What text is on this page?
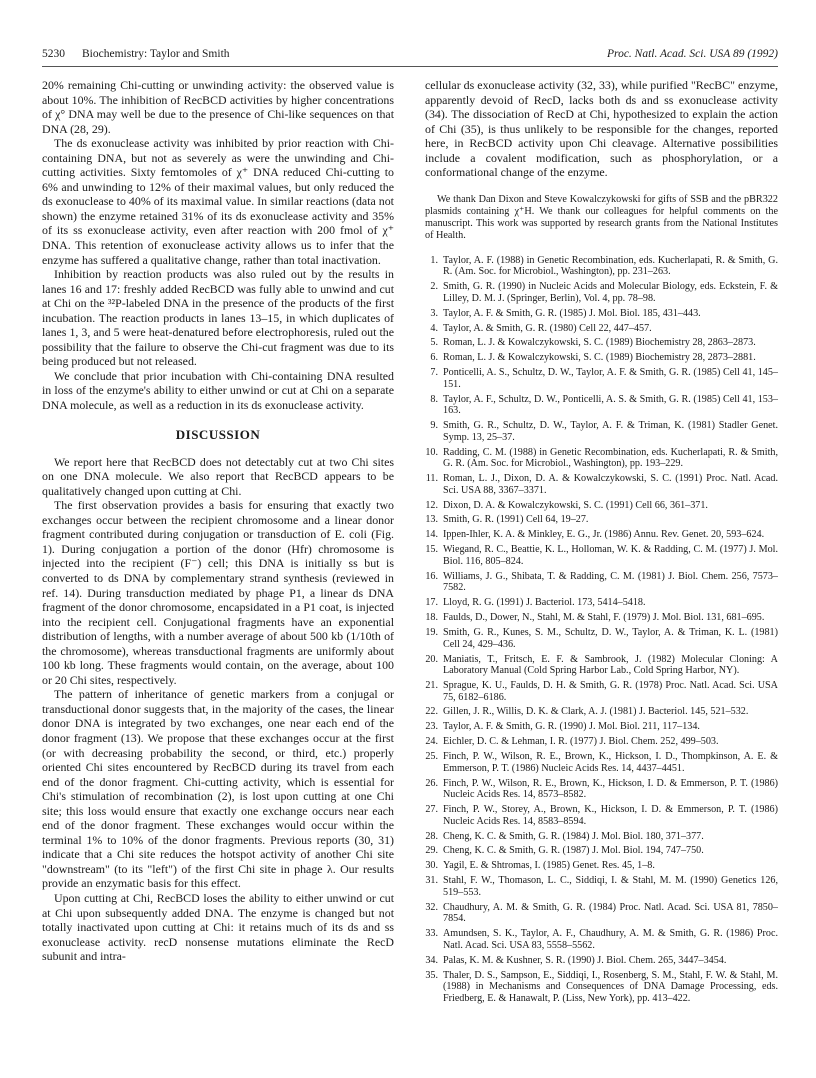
5230 Biochemistry: Taylor and Smith	Proc. Natl. Acad. Sci. USA 89 (1992)

20% remaining Chi-cutting or unwinding activity: the observed value is about 10%. The inhibition of RecBCD activities by higher concentrations of χ° DNA may well be due to the presence of Chi-like sequences on that DNA (28, 29).

The ds exonuclease activity was inhibited by prior reaction with Chi-containing DNA, but not as severely as were the unwinding and Chi-cutting activities. Sixty femtomoles of χ⁺ DNA reduced Chi-cutting to 6% and unwinding to 12% of their maximal values, but only reduced the ds exonuclease to 40% of its maximal value. In similar reactions (data not shown) the enzyme retained 31% of its ds exonuclease activity and 35% of its ss exonuclease activity, even after reaction with 200 fmol of χ⁺ DNA. This retention of exonuclease activity allows us to infer that the enzyme has suffered a qualitative change, rather than total inactivation.

Inhibition by reaction products was also ruled out by the results in lanes 16 and 17: freshly added RecBCD was fully able to unwind and cut at Chi on the ³²P-labeled DNA in the presence of the products of the first incubation. The reaction products in lanes 13–15, in which duplicates of lanes 1, 3, and 5 were heat-denatured before electrophoresis, ruled out the possibility that the failure to observe the Chi-cut fragment was due to its being produced but not released.

We conclude that prior incubation with Chi-containing DNA resulted in loss of the enzyme's ability to either unwind or cut at Chi on a separate DNA molecule, as well as a reduction in its ds exonuclease activity.

DISCUSSION

We report here that RecBCD does not detectably cut at two Chi sites on one DNA molecule. We also report that RecBCD appears to be qualitatively changed upon cutting at Chi.

The first observation provides a basis for ensuring that exactly two exchanges occur between the recipient chromosome and a linear donor fragment contributed during conjugation or transduction of E. coli (Fig. 1). During conjugation a portion of the donor (Hfr) chromosome is injected into the recipient (F⁻) cell; this DNA is initially ss but is converted to ds DNA by complementary strand synthesis (reviewed in ref. 14). During transduction mediated by phage P1, a linear ds DNA fragment of the donor chromosome, encapsidated in a P1 coat, is injected into the recipient cell. Conjugational fragments have an exponential distribution of lengths, with a number average of about 500 kb (1/10th of the chromosome), whereas transductional fragments are uniformly about 100 kb long. These fragments would contain, on the average, about 100 or 20 Chi sites, respectively.

The pattern of inheritance of genetic markers from a conjugal or transductional donor suggests that, in the majority of the cases, the linear donor DNA is integrated by two exchanges, one near each end of the donor fragment (13). We propose that these exchanges occur at the first (or with decreasing probability the second, or third, etc.) properly oriented Chi sites encountered by RecBCD during its travel from each end of the donor fragment. Chi-cutting activity, which is essential for Chi's stimulation of recombination (2), is lost upon cutting at one Chi site; this loss would ensure that exactly one exchange occurs near each end of the donor fragment. These exchanges would occur within the terminal 1% to 10% of the donor fragments. Previous reports (30, 31) indicate that a Chi site reduces the hotspot activity of another Chi site "downstream" (to its "left") of the first Chi site in phage λ. Our results provide an enzymatic basis for this effect.

Upon cutting at Chi, RecBCD loses the ability to either unwind or cut at Chi upon subsequently added DNA. The enzyme is changed but not totally inactivated upon cutting at Chi: it retains much of its ds and ss exonuclease activity. recD nonsense mutations eliminate the RecD subunit and intra-

cellular ds exonuclease activity (32, 33), while purified "RecBC" enzyme, apparently devoid of RecD, lacks both ds and ss exonuclease activity (34). The dissociation of RecD at Chi, hypothesized to explain the action of Chi (35), is thus unlikely to be responsible for the changes, reported here, in RecBCD activity upon Chi cleavage. Alternative possibilities include a covalent modification, such as phosphorylation, or a conformational change of the enzyme.

We thank Dan Dixon and Steve Kowalczykowski for gifts of SSB and the pBR322 plasmids containing χ⁺H. We thank our colleagues for helpful comments on the manuscript. This work was supported by research grants from the National Institutes of Health.

1. Taylor, A. F. (1988) in Genetic Recombination, eds. Kucherlapati, R. & Smith, G. R. (Am. Soc. for Microbiol., Washington), pp. 231–263.
2. Smith, G. R. (1990) in Nucleic Acids and Molecular Biology, eds. Eckstein, F. & Lilley, D. M. J. (Springer, Berlin), Vol. 4, pp. 78–98.
3. Taylor, A. F. & Smith, G. R. (1985) J. Mol. Biol. 185, 431–443.
4. Taylor, A. & Smith, G. R. (1980) Cell 22, 447–457.
5. Roman, L. J. & Kowalczykowski, S. C. (1989) Biochemistry 28, 2863–2873.
6. Roman, L. J. & Kowalczykowski, S. C. (1989) Biochemistry 28, 2873–2881.
7. Ponticelli, A. S., Schultz, D. W., Taylor, A. F. & Smith, G. R. (1985) Cell 41, 145–151.
8. Taylor, A. F., Schultz, D. W., Ponticelli, A. S. & Smith, G. R. (1985) Cell 41, 153–163.
9. Smith, G. R., Schultz, D. W., Taylor, A. F. & Triman, K. (1981) Stadler Genet. Symp. 13, 25–37.
10. Radding, C. M. (1988) in Genetic Recombination, eds. Kucherlapati, R. & Smith, G. R. (Am. Soc. for Microbiol., Washington), pp. 193–229.
11. Roman, L. J., Dixon, D. A. & Kowalczykowski, S. C. (1991) Proc. Natl. Acad. Sci. USA 88, 3367–3371.
12. Dixon, D. A. & Kowalczykowski, S. C. (1991) Cell 66, 361–371.
13. Smith, G. R. (1991) Cell 64, 19–27.
14. Ippen-Ihler, K. A. & Minkley, E. G., Jr. (1986) Annu. Rev. Genet. 20, 593–624.
15. Wiegand, R. C., Beattie, K. L., Holloman, W. K. & Radding, C. M. (1977) J. Mol. Biol. 116, 805–824.
16. Williams, J. G., Shibata, T. & Radding, C. M. (1981) J. Biol. Chem. 256, 7573–7582.
17. Lloyd, R. G. (1991) J. Bacteriol. 173, 5414–5418.
18. Faulds, D., Dower, N., Stahl, M. & Stahl, F. (1979) J. Mol. Biol. 131, 681–695.
19. Smith, G. R., Kunes, S. M., Schultz, D. W., Taylor, A. & Triman, K. L. (1981) Cell 24, 429–436.
20. Maniatis, T., Fritsch, E. F. & Sambrook, J. (1982) Molecular Cloning: A Laboratory Manual (Cold Spring Harbor Lab., Cold Spring Harbor, NY).
21. Sprague, K. U., Faulds, D. H. & Smith, G. R. (1978) Proc. Natl. Acad. Sci. USA 75, 6182–6186.
22. Gillen, J. R., Willis, D. K. & Clark, A. J. (1981) J. Bacteriol. 145, 521–532.
23. Taylor, A. F. & Smith, G. R. (1990) J. Mol. Biol. 211, 117–134.
24. Eichler, D. C. & Lehman, I. R. (1977) J. Biol. Chem. 252, 499–503.
25. Finch, P. W., Wilson, R. E., Brown, K., Hickson, I. D., Thompkinson, A. E. & Emmerson, P. T. (1986) Nucleic Acids Res. 14, 4437–4451.
26. Finch, P. W., Wilson, R. E., Brown, K., Hickson, I. D. & Emmerson, P. T. (1986) Nucleic Acids Res. 14, 8573–8582.
27. Finch, P. W., Storey, A., Brown, K., Hickson, I. D. & Emmerson, P. T. (1986) Nucleic Acids Res. 14, 8583–8594.
28. Cheng, K. C. & Smith, G. R. (1984) J. Mol. Biol. 180, 371–377.
29. Cheng, K. C. & Smith, G. R. (1987) J. Mol. Biol. 194, 747–750.
30. Yagil, E. & Shtromas, I. (1985) Genet. Res. 45, 1–8.
31. Stahl, F. W., Thomason, L. C., Siddiqi, I. & Stahl, M. M. (1990) Genetics 126, 519–553.
32. Chaudhury, A. M. & Smith, G. R. (1984) Proc. Natl. Acad. Sci. USA 81, 7850–7854.
33. Amundsen, S. K., Taylor, A. F., Chaudhury, A. M. & Smith, G. R. (1986) Proc. Natl. Acad. Sci. USA 83, 5558–5562.
34. Palas, K. M. & Kushner, S. R. (1990) J. Biol. Chem. 265, 3447–3454.
35. Thaler, D. S., Sampson, E., Siddiqi, I., Rosenberg, S. M., Stahl, F. W. & Stahl, M. (1988) in Mechanisms and Consequences of DNA Damage Processing, eds. Friedberg, E. & Hanawalt, P. (Liss, New York), pp. 413–422.
